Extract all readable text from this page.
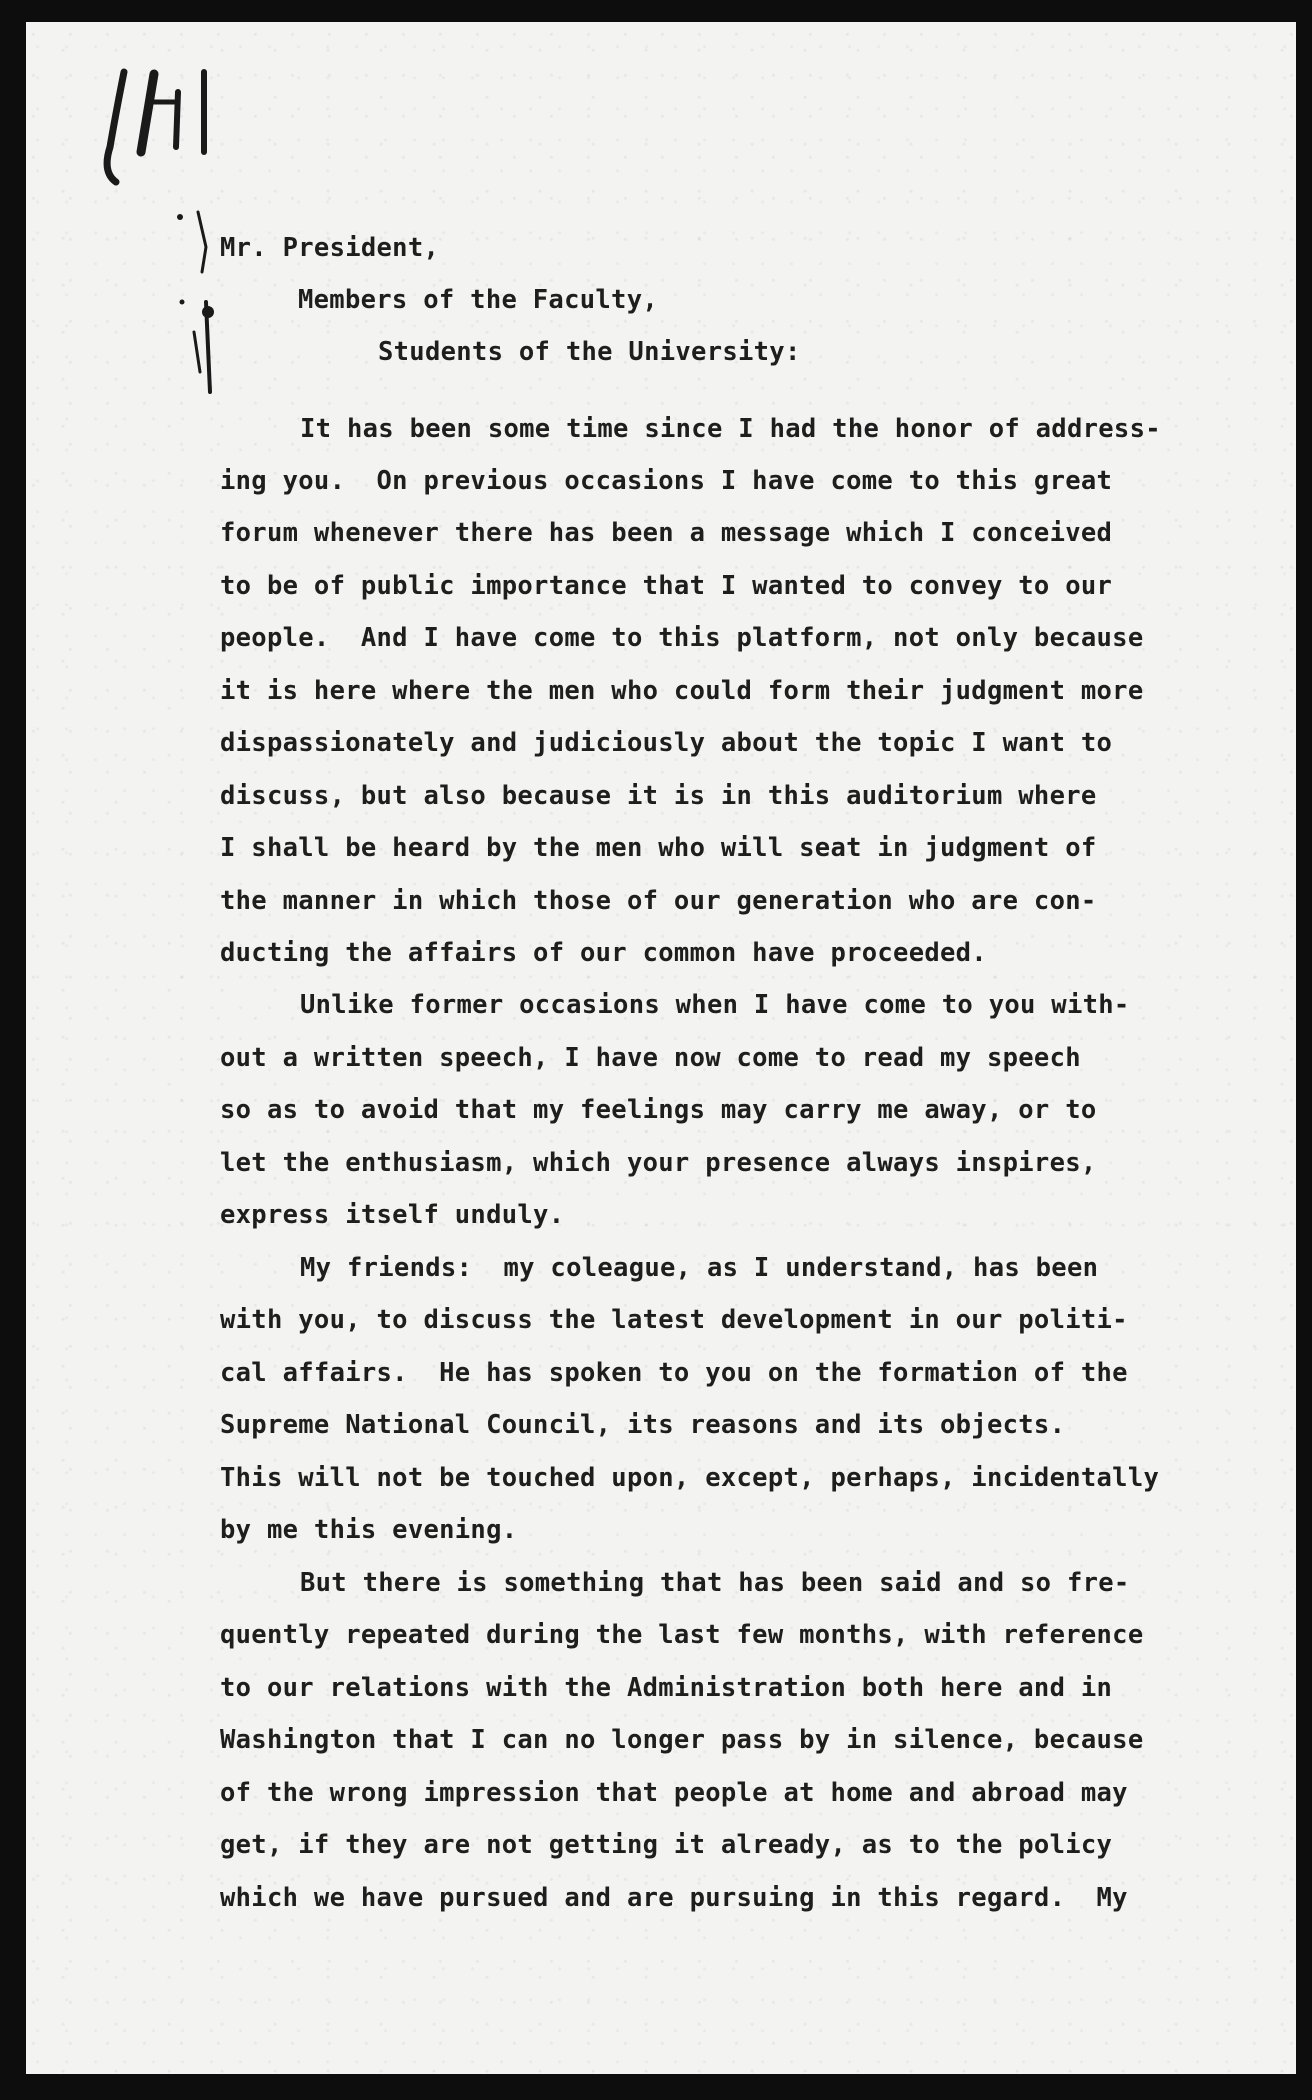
Mr. President,
Members of the Faculty,
Students of the University:

It has been some time since I had the honor of address-

ing you.  On previous occasions I have come to this great

forum whenever there has been a message which I conceived

to be of public importance that I wanted to convey to our

people.  And I have come to this platform, not only because

it is here where the men who could form their judgment more

dispassionately and judiciously about the topic I want to

discuss, but also because it is in this auditorium where

I shall be heard by the men who will seat in judgment of

the manner in which those of our generation who are con-

ducting the affairs of our common have proceeded.

Unlike former occasions when I have come to you with-

out a written speech, I have now come to read my speech

so as to avoid that my feelings may carry me away, or to

let the enthusiasm, which your presence always inspires,

express itself unduly.

My friends:  my coleague, as I understand, has been

with you, to discuss the latest development in our politi-

cal affairs.  He has spoken to you on the formation of the

Supreme National Council, its reasons and its objects.

This will not be touched upon, except, perhaps, incidentally

by me this evening.

But there is something that has been said and so fre-

quently repeated during the last few months, with reference

to our relations with the Administration both here and in

Washington that I can no longer pass by in silence, because

of the wrong impression that people at home and abroad may

get, if they are not getting it already, as to the policy

which we have pursued and are pursuing in this regard.  My
